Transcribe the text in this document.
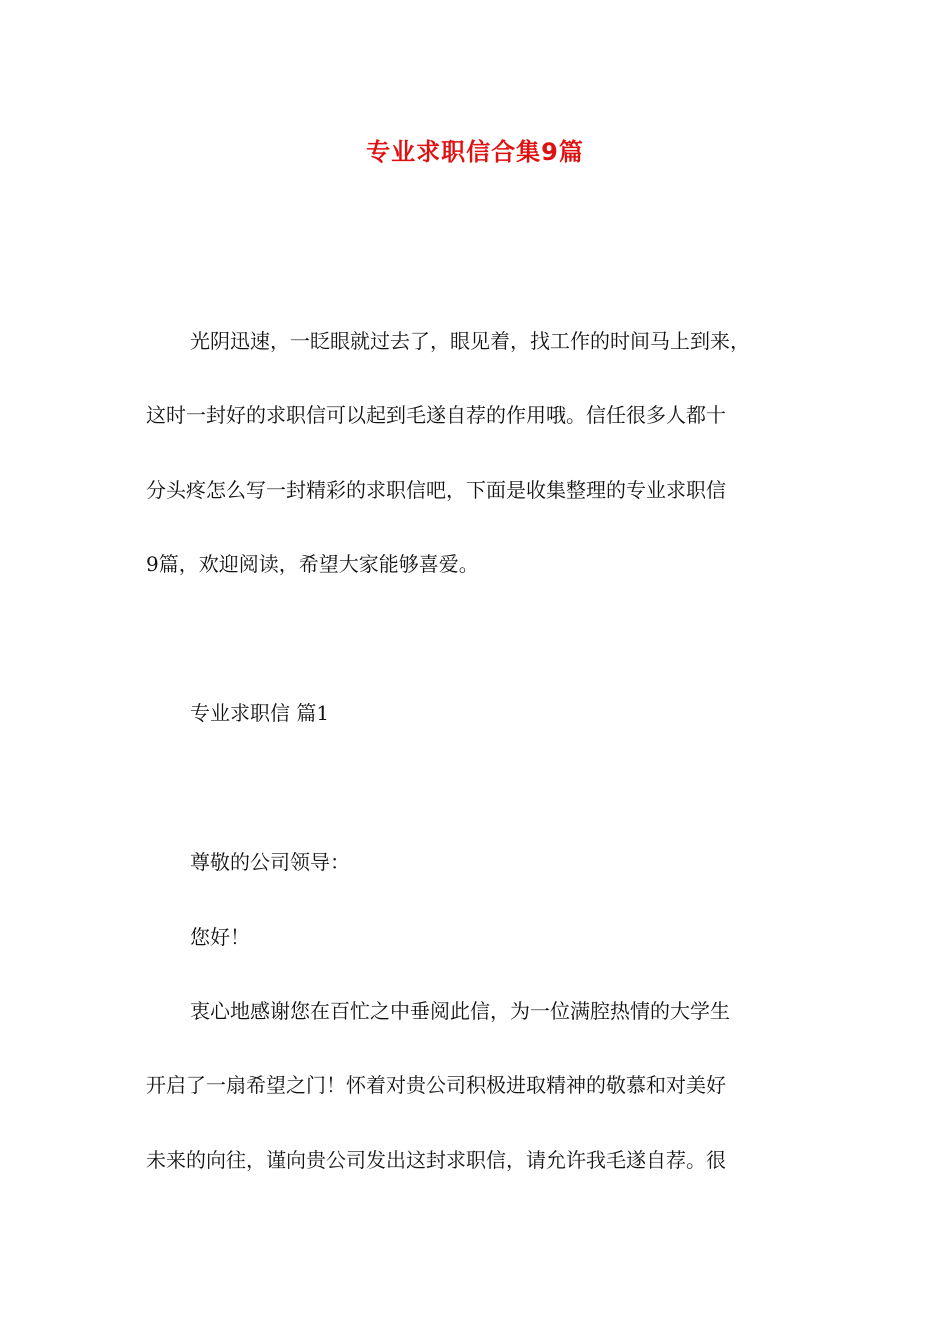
专业求职信合集9篇
光阴迅速，一眨眼就过去了，眼见着，找工作的时间马上到来，
这时一封好的求职信可以起到毛遂自荐的作用哦。信任很多人都十
分头疼怎么写一封精彩的求职信吧，下面是收集整理的专业求职信
9篇，欢迎阅读，希望大家能够喜爱。
专业求职信 篇1
尊敬的公司领导：
您好！
衷心地感谢您在百忙之中垂阅此信，为一位满腔热情的大学生
开启了一扇希望之门！怀着对贵公司积极进取精神的敬慕和对美好
未来的向往，谨向贵公司发出这封求职信，请允许我毛遂自荐。很
